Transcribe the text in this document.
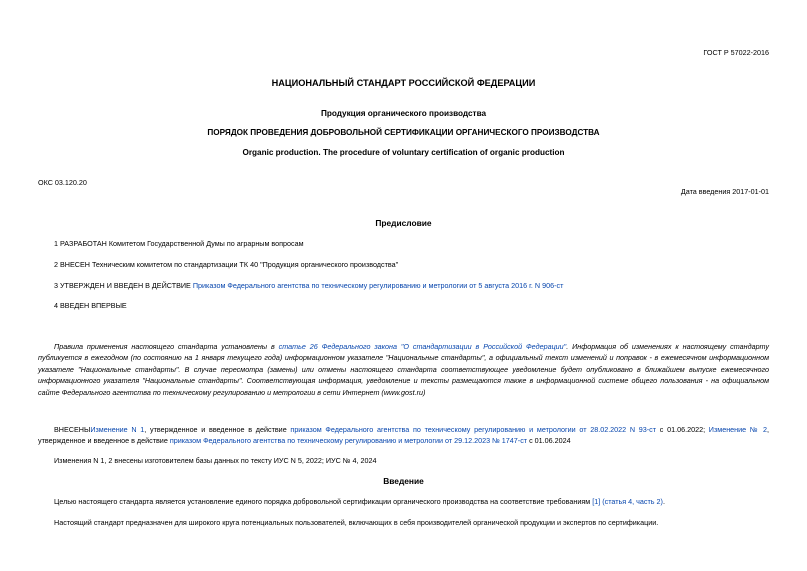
ГОСТ Р 57022-2016
НАЦИОНАЛЬНЫЙ СТАНДАРТ РОССИЙСКОЙ ФЕДЕРАЦИИ
Продукция органического производства
ПОРЯДОК ПРОВЕДЕНИЯ ДОБРОВОЛЬНОЙ СЕРТИФИКАЦИИ ОРГАНИЧЕСКОГО ПРОИЗВОДСТВА
Organic production. The procedure of voluntary certification of organic production
ОКС 03.120.20
Дата введения 2017-01-01
Предисловие
1 РАЗРАБОТАН Комитетом Государственной Думы по аграрным вопросам
2 ВНЕСЕН Техническим комитетом по стандартизации ТК 40 "Продукция органического производства"
3 УТВЕРЖДЕН И ВВЕДЕН В ДЕЙСТВИЕ Приказом Федерального агентства по техническому регулированию и метрологии от 5 августа 2016 г. N 906-ст
4 ВВЕДЕН ВПЕРВЫЕ
Правила применения настоящего стандарта установлены в статье 26 Федерального закона "О стандартизации в Российской Федерации". Информация об изменениях к настоящему стандарту публикуется в ежегодном (по состоянию на 1 января текущего года) информационном указателе "Национальные стандарты", а официальный текст изменений и поправок - в ежемесячном информационном указателе "Национальные стандарты". В случае пересмотра (замены) или отмены настоящего стандарта соответствующее уведомление будет опубликовано в ближайшем выпуске ежемесячного информационного указателя "Национальные стандарты". Соответствующая информация, уведомление и тексты размещаются также в информационной системе общего пользования - на официальном сайте Федерального агентства по техническому регулированию и метрологии в сети Интернет (www.gost.ru)
ВНЕСЕНЫИзменение N 1, утвержденное и введенное в действие приказом Федерального агентства по техническому регулированию и метрологии от 28.02.2022 N 93-ст с 01.06.2022; Изменение № 2, утвержденное и введенное в действие приказом Федерального агентства по техническому регулированию и метрологии от 29.12.2023 № 1747-ст с 01.06.2024
Изменения N 1, 2 внесены изготовителем базы данных по тексту ИУС N 5, 2022; ИУС № 4, 2024
Введение
Целью настоящего стандарта является установление единого порядка добровольной сертификации органического производства на соответствие требованиям [1] (статья 4, часть 2).
Настоящий стандарт предназначен для широкого круга потенциальных пользователей, включающих в себя производителей органической продукции и экспертов по сертификации.
